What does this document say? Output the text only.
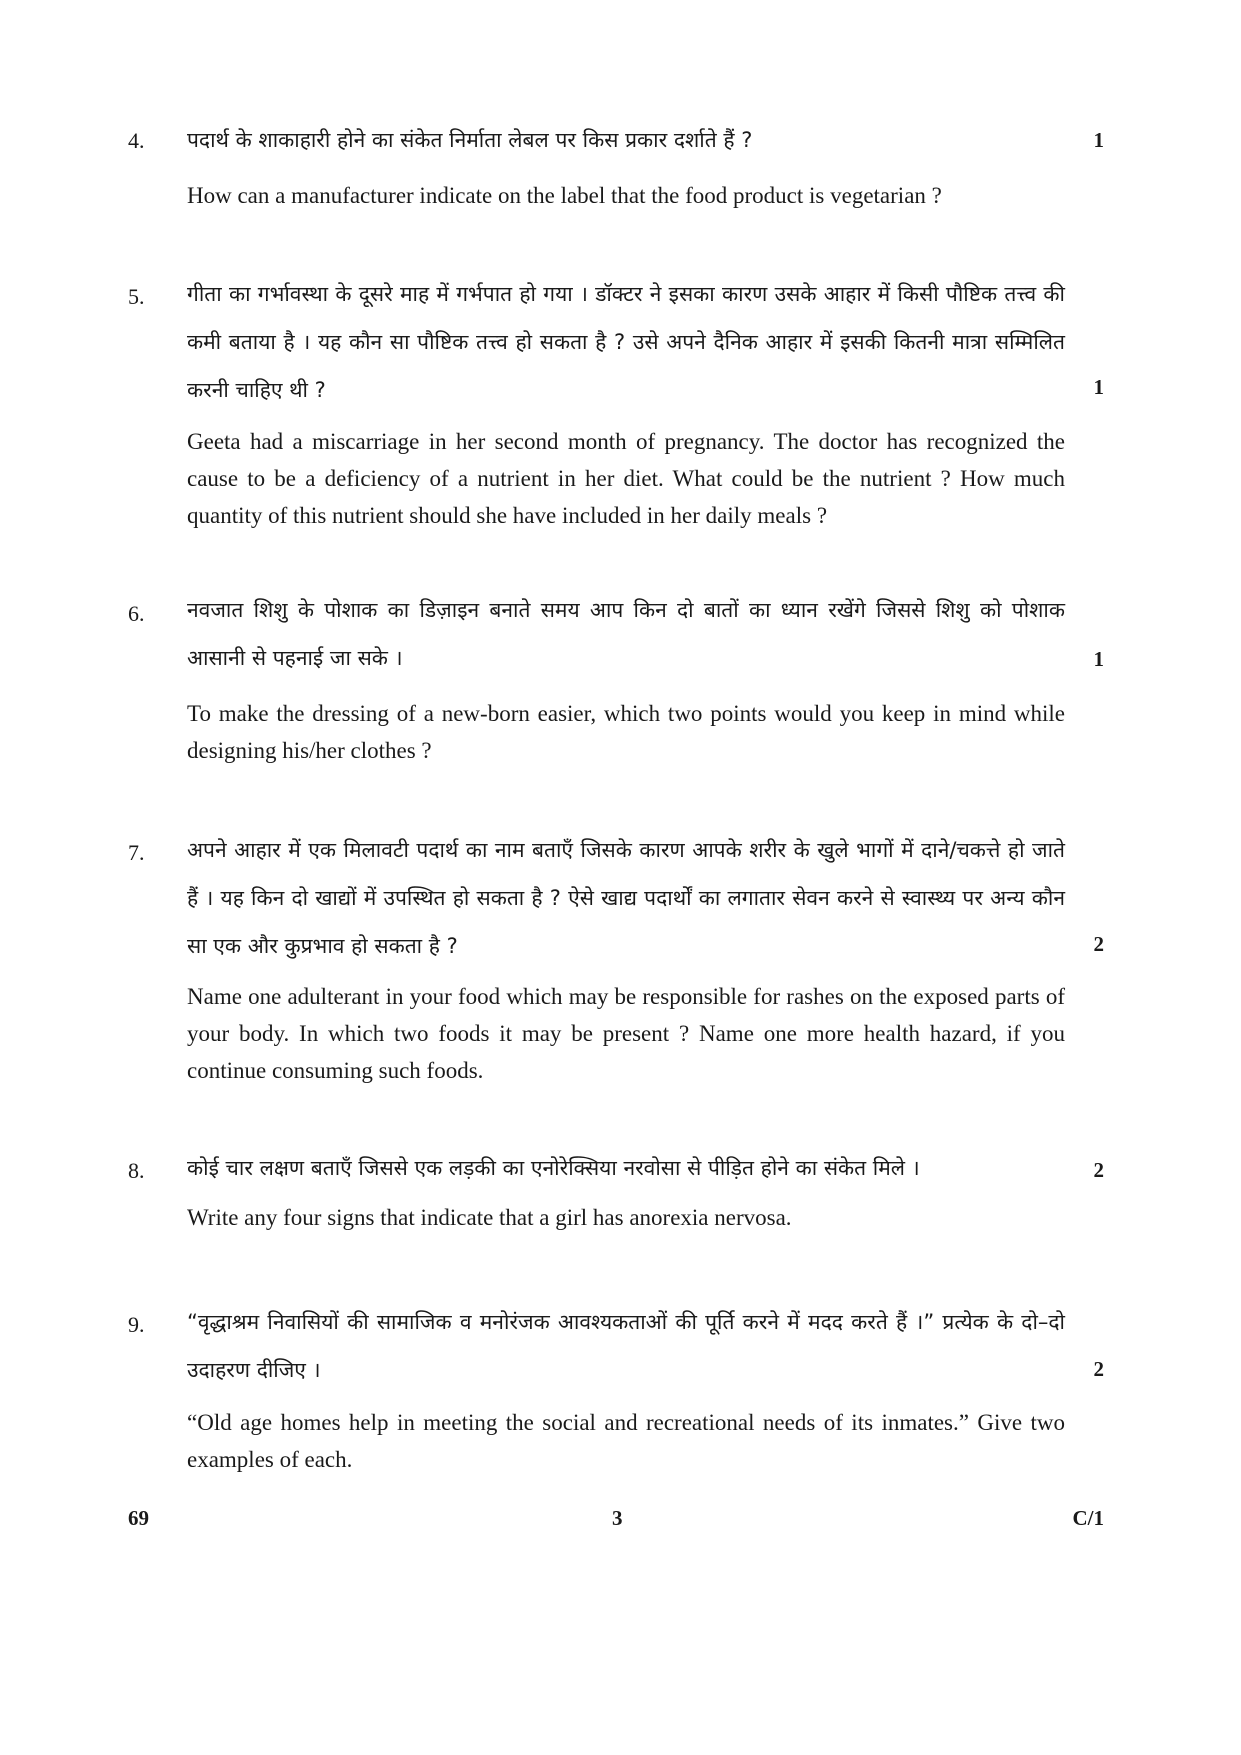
4. पदार्थ के शाकाहारी होने का संकेत निर्माता लेबल पर किस प्रकार दर्शाते हैं ?	1
How can a manufacturer indicate on the label that the food product is vegetarian ?
5. गीता का गर्भावस्था के दूसरे माह में गर्भपात हो गया । डॉक्टर ने इसका कारण उसके आहार में किसी पौष्टिक तत्त्व की कमी बताया है । यह कौन सा पौष्टिक तत्त्व हो सकता है ? उसे अपने दैनिक आहार में इसकी कितनी मात्रा सम्मिलित करनी चाहिए थी ?	1
Geeta had a miscarriage in her second month of pregnancy. The doctor has recognized the cause to be a deficiency of a nutrient in her diet. What could be the nutrient ? How much quantity of this nutrient should she have included in her daily meals ?
6. नवजात शिशु के पोशाक का डिज़ाइन बनाते समय आप किन दो बातों का ध्यान रखेंगे जिससे शिशु को पोशाक आसानी से पहनाई जा सके ।	1
To make the dressing of a new-born easier, which two points would you keep in mind while designing his/her clothes ?
7. अपने आहार में एक मिलावटी पदार्थ का नाम बताएँ जिसके कारण आपके शरीर के खुले भागों में दाने/चकत्ते हो जाते हैं । यह किन दो खाद्यों में उपस्थित हो सकता है ? ऐसे खाद्य पदार्थों का लगातार सेवन करने से स्वास्थ्य पर अन्य कौन सा एक और कुप्रभाव हो सकता है ?	2
Name one adulterant in your food which may be responsible for rashes on the exposed parts of your body. In which two foods it may be present ? Name one more health hazard, if you continue consuming such foods.
8. कोई चार लक्षण बताएँ जिससे एक लड़की का एनोरेक्सिया नरवोसा से पीड़ित होने का संकेत मिले ।	2
Write any four signs that indicate that a girl has anorexia nervosa.
9. “वृद्धाश्रम निवासियों की सामाजिक व मनोरंजक आवश्यकताओं की पूर्ति करने में मदद करते हैं ।” प्रत्येक के दो–दो उदाहरण दीजिए ।	2
“Old age homes help in meeting the social and recreational needs of its inmates.” Give two examples of each.
69	3	C/1
